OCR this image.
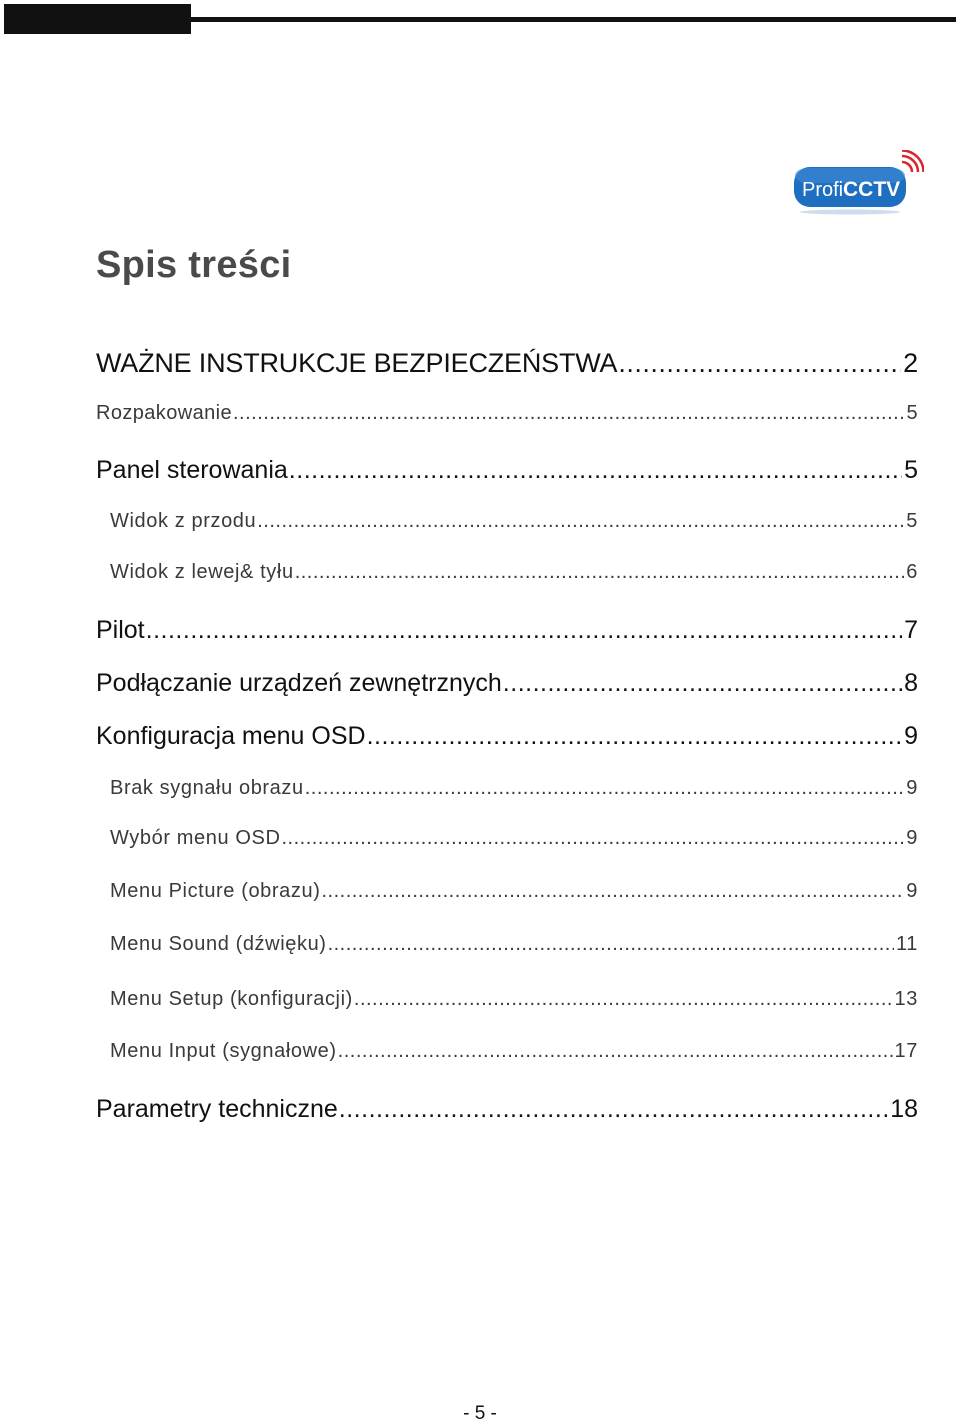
Profi CCTV
Spis treści
WAŻNE INSTRUKCJE BEZPIECZEŃSTWA .....	2
Rozpakowanie .....	5
Panel sterowania .....	5
Widok z przodu .....	5
Widok z lewej& tyłu .....	6
Pilot .....	7
Podłączanie urządzeń zewnętrznych .....	8
Konfiguracja menu OSD .....	9
Brak sygnału obrazu .....	9
Wybór menu OSD .....	9
Menu Picture (obrazu) .....	9
Menu Sound (dźwięku) .....	11
Menu Setup (konfiguracji) .....	13
Menu Input (sygnałowe) .....	17
Parametry techniczne .....	18
- 5 -
